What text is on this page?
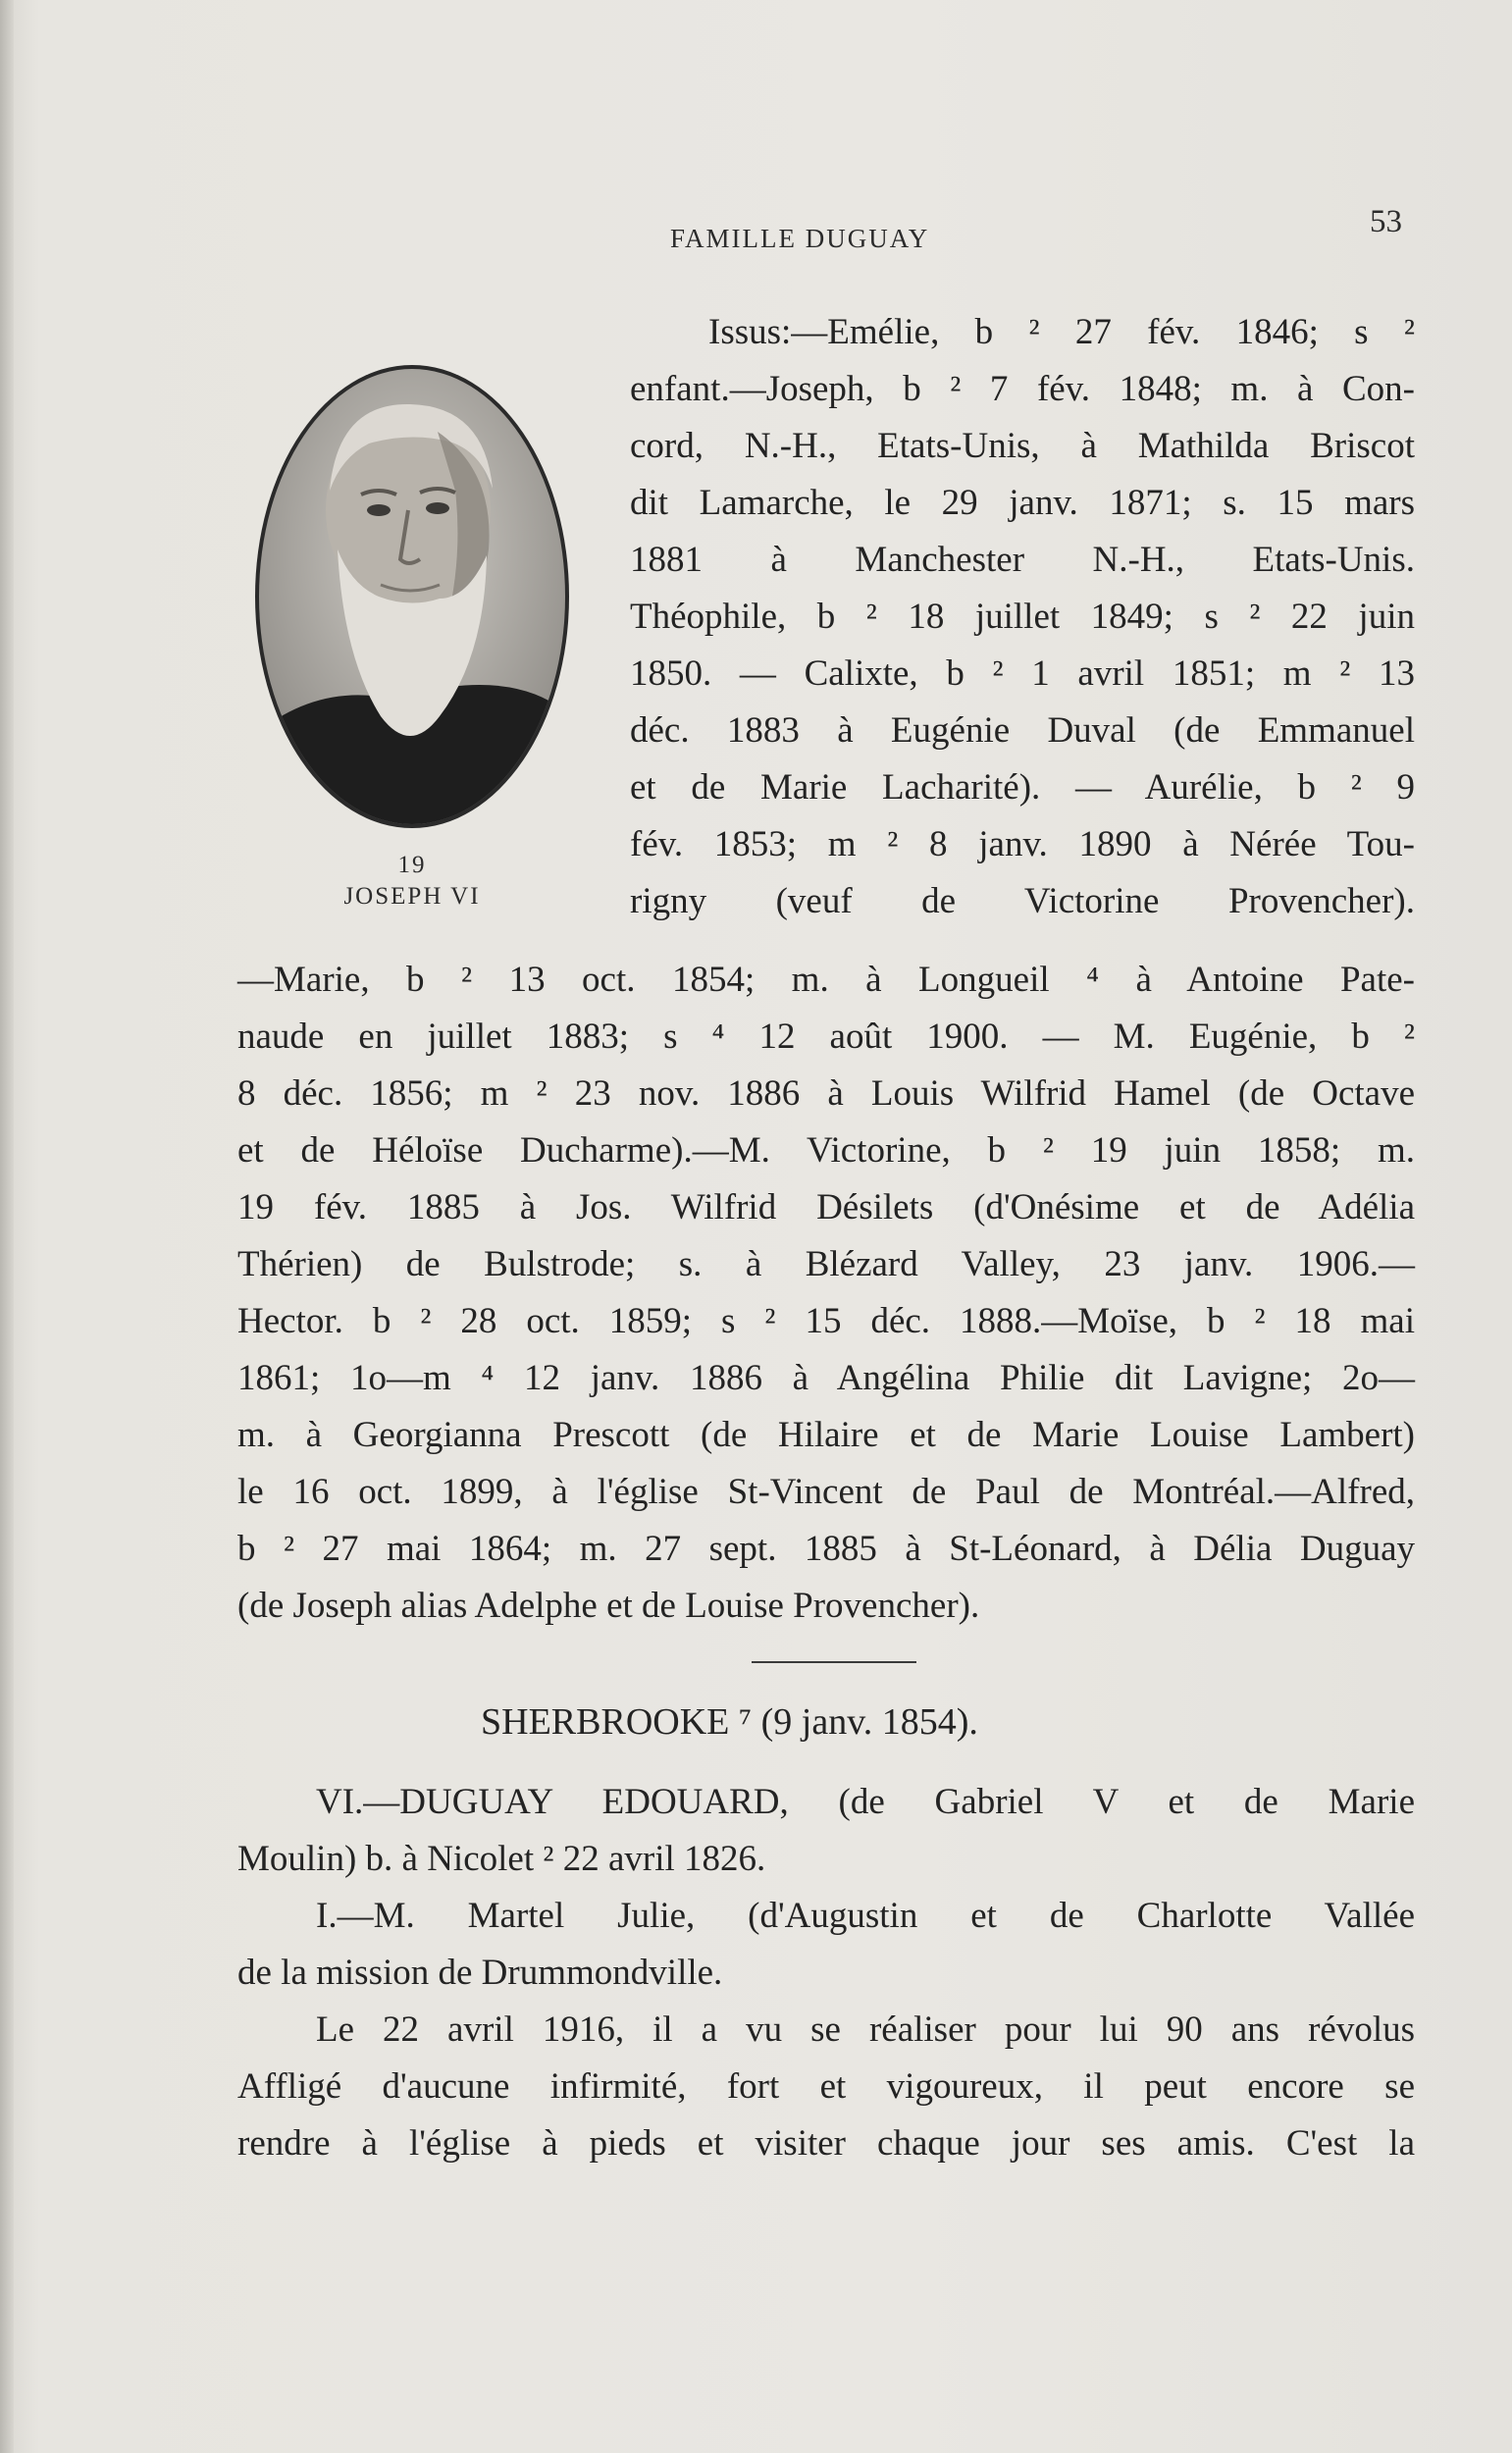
FAMILLE DUGUAY	53
19
JOSEPH VI
Issus:—Emélie, b ² 27 fév. 1846; s ²
enfant.—Joseph, b ² 7 fév. 1848; m. à Con-
cord, N.-H., Etats-Unis, à Mathilda Briscot
dit Lamarche, le 29 janv. 1871; s. 15 mars
1881 à Manchester N.-H., Etats-Unis.
Théophile, b ² 18 juillet 1849; s ² 22 juin
1850. — Calixte, b ² 1 avril 1851; m ² 13
déc. 1883 à Eugénie Duval (de Emmanuel
et de Marie Lacharité). — Aurélie, b ² 9
fév. 1853; m ² 8 janv. 1890 à Nérée Tou-
rigny (veuf de Victorine Provencher).
—Marie, b ² 13 oct. 1854; m. à Longueil ⁴ à Antoine Pate-
naude en juillet 1883; s ⁴ 12 août 1900. — M. Eugénie, b ²
8 déc. 1856; m ² 23 nov. 1886 à Louis Wilfrid Hamel (de Octave
et de Héloïse Ducharme).—M. Victorine, b ² 19 juin 1858; m.
19 fév. 1885 à Jos. Wilfrid Désilets (d'Onésime et de Adélia
Thérien) de Bulstrode; s. à Blézard Valley, 23 janv. 1906.—
Hector. b ² 28 oct. 1859; s ² 15 déc. 1888.—Moïse, b ² 18 mai
1861; 1o—m ⁴ 12 janv. 1886 à Angélina Philie dit Lavigne; 2o—
m. à Georgianna Prescott (de Hilaire et de Marie Louise Lambert)
le 16 oct. 1899, à l'église St-Vincent de Paul de Montréal.—Alfred,
b ² 27 mai 1864; m. 27 sept. 1885 à St-Léonard, à Délia Duguay
(de Joseph alias Adelphe et de Louise Provencher).
SHERBROOKE ⁷ (9 janv. 1854).
VI.—DUGUAY EDOUARD, (de Gabriel V et de Marie
Moulin) b. à Nicolet ² 22 avril 1826.
I.—M. Martel Julie, (d'Augustin et de Charlotte Vallée
de la mission de Drummondville.
Le 22 avril 1916, il a vu se réaliser pour lui 90 ans révolus
Affligé d'aucune infirmité, fort et vigoureux, il peut encore se
rendre à l'église à pieds et visiter chaque jour ses amis. C'est la
